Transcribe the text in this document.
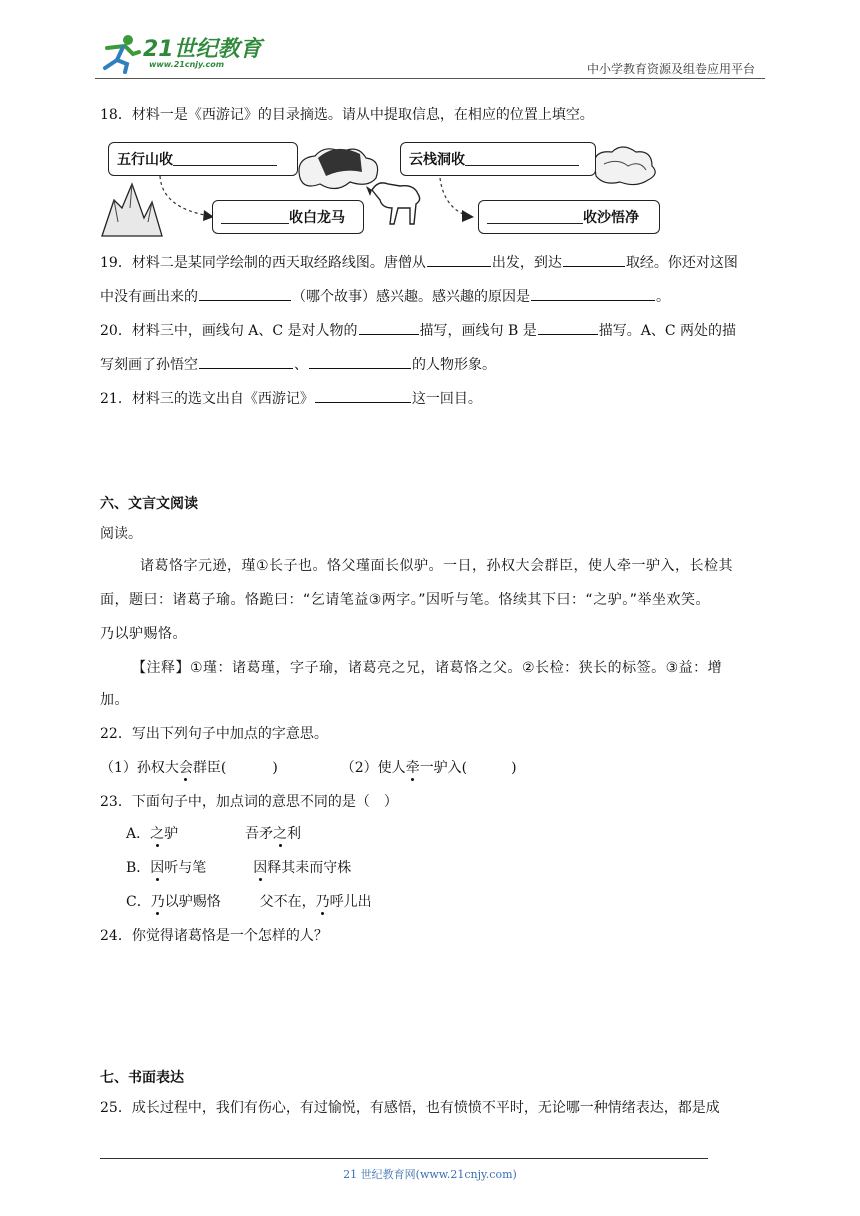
21世纪教育
www.21cnjy.com	中小学教育资源及组卷应用平台
18．材料一是《西游记》的目录摘选。请从中提取信息，在相应的位置上填空。
五行山收	云栈洞收
收白龙马	收沙悟净
19．材料二是某同学绘制的西天取经路线图。唐僧从	出发，到达	取经。你还对这图
中没有画出来的	（哪个故事）感兴趣。感兴趣的原因是	。
20．材料三中，画线句 A、C 是对人物的	描写，画线句 B 是	描写。A、C 两处的描
写刻画了孙悟空	、	的人物形象。
21．材料三的选文出自《西游记》	这一回目。
六、文言文阅读
阅读。
诸葛恪字元逊，瑾①长子也。恪父瑾面长似驴。一日，孙权大会群臣，使人牵一驴入，长检其
面，题曰：诸葛子瑜。恪跪曰：“乞请笔益③两字。”因听与笔。恪续其下曰：“之驴。”举坐欢笑。
乃以驴赐恪。
【注释】①瑾：诸葛瑾，字子瑜，诸葛亮之兄，诸葛恪之父。②长检：狭长的标签。③益：增
加。
22．写出下列句子中加点的字意思。
（1）孙权大会群臣(	)	（2）使人牵一驴入(	)
23．下面句子中，加点词的意思不同的是（　）
A．之驴	吾矛之利
B．因听与笔	因释其耒而守株
C．乃以驴赐恪	父不在，乃呼儿出
24．你觉得诸葛恪是一个怎样的人？
七、书面表达
25．成长过程中，我们有伤心，有过愉悦，有感悟，也有愤愤不平时，无论哪一种情绪表达，都是成
21 世纪教育网(www.21cnjy.com)
